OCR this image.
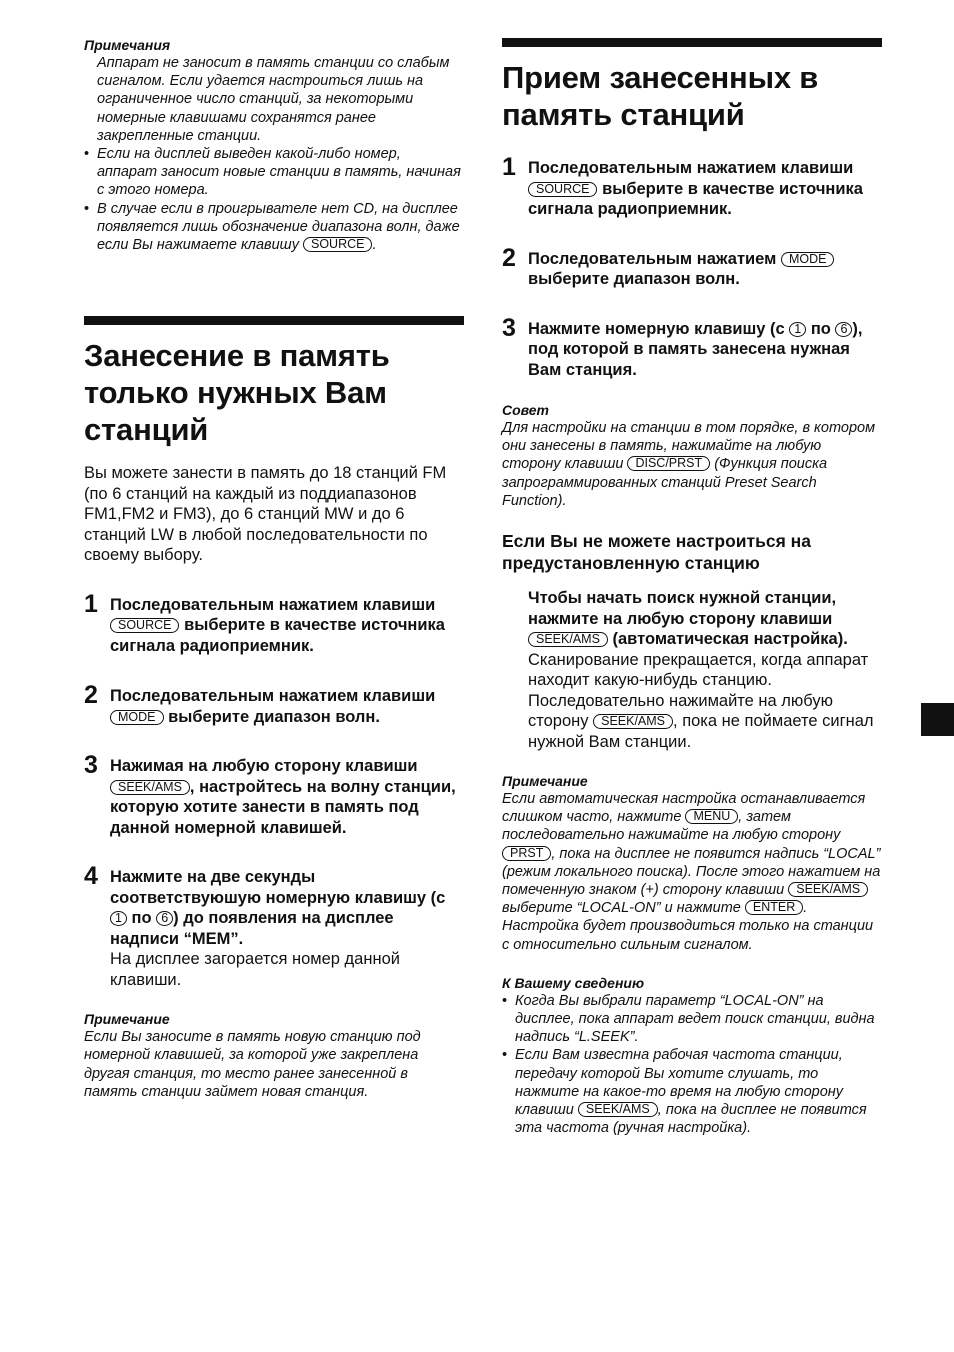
Примечания
Аппарат не заносит в память станции со слабым сигналом. Если удается настроиться лишь на ограниченное число станций, за некоторыми номерные клавишами сохранятся ранее закрепленные станции.
• Если на дисплей выведен какой-либо номер, аппарат заносит новые станции в память, начиная с этого номера.
• В случае если в проигрывателе нет CD, на дисплее появляется лишь обозначение диапазона волн, даже если Вы нажимаете клавишу SOURCE .
Занесение в память только нужных Вам станций
Вы можете занести в память до 18 станций FM (по 6 станций на каждый из поддиапазонов FM1,FM2 и FM3), до 6 станций MW и до 6 станций LW в любой последовательности по своему выбору.
1 Последовательным нажатием клавиши SOURCE выберите в качестве источника сигнала радиоприемник.
2 Последовательным нажатием клавиши MODE выберите диапазон волн.
3 Нажимая на любую сторону клавиши SEEK/AMS , настройтесь на волну станции, которую хотите занести в память под данной номерной клавишей.
4 Нажмите на две секунды соответствуюшую номерную клавишу (с 1 по 6 ) до появления на дисплее надписи “MEM”.
На дисплее загорается номер данной клавиши.
Примечание
Если Вы заносите в память новую станцию под номерной клавишей, за которой уже закреплена другая станция, то место ранее занесенной в память станции займет новая станция.
Прием занесенных в память станций
1 Последовательным нажатием клавиши SOURCE выберите в качестве источника сигнала радиоприемник.
2 Последовательным нажатием MODE выберите диапазон волн.
3 Нажмите номерную клавишу (с 1 по 6 ), под которой в память занесена нужная Вам станция.
Совет
Для настройки на станции в том порядке, в котором они занесены в память, нажимайте на любую сторону клавиши DISC/PRST (Функция поиска запрограммированных станций Preset Search Function).
Если Вы не можете настроиться на предустановленную станцию
Чтобы начать поиск нужной станции, нажмите на любую сторону клавиши SEEK/AMS (автоматическая настройка).
Сканирование прекращается, когда аппарат находит какую-нибудь станцию. Последовательно нажимайте на любую сторону SEEK/AMS , пока не поймаете сигнал нужной Вам станции.
Примечание
Если автоматическая настройка останавливается слишком часто, нажмите MENU , затем последовательно нажимайте на любую сторону PRST , пока на дисплее не появится надпись “LOCAL” (режим локального поиска). После этого нажатием на помеченную знаком (+) сторону клавиши SEEK/AMS выберите “LOCAL-ON” и нажмите ENTER . Настройка будет производиться только на станции с относительно сильным сигналом.
К Вашему сведению
• Когда Вы выбрали параметр “LOCAL-ON” на дисплее, пока аппарат ведет поиск станции, видна надпись “L.SEEK”.
• Если Вам известна рабочая частота станции, передачу которой Вы хотите слушать, то нажмите на какое-то время на любую сторону клавиши SEEK/AMS , пока на дисплее не появится эта частота (ручная настройка).
